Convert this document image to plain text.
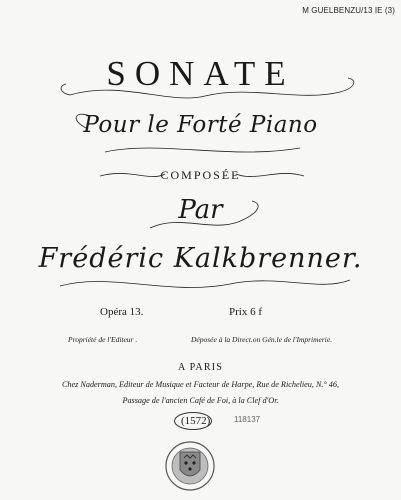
M GUELBENZU/13 IE (3)
SONATE
Pour le Forté Piano
COMPOSÉE
Par
Frédéric Kalkbrenner.
Opéra 13.	Prix 6 f
Propriété de l'Editeur .	Déposée à la Direct.on Gén.le de l'Imprimerie.
A PARIS
Chez Naderman, Editeur de Musique et Facteur de Harpe, Rue de Richelieu, N.° 46,
Passage de l'ancien Café de Foi, à la Clef d'Or.
(1572)	118137
